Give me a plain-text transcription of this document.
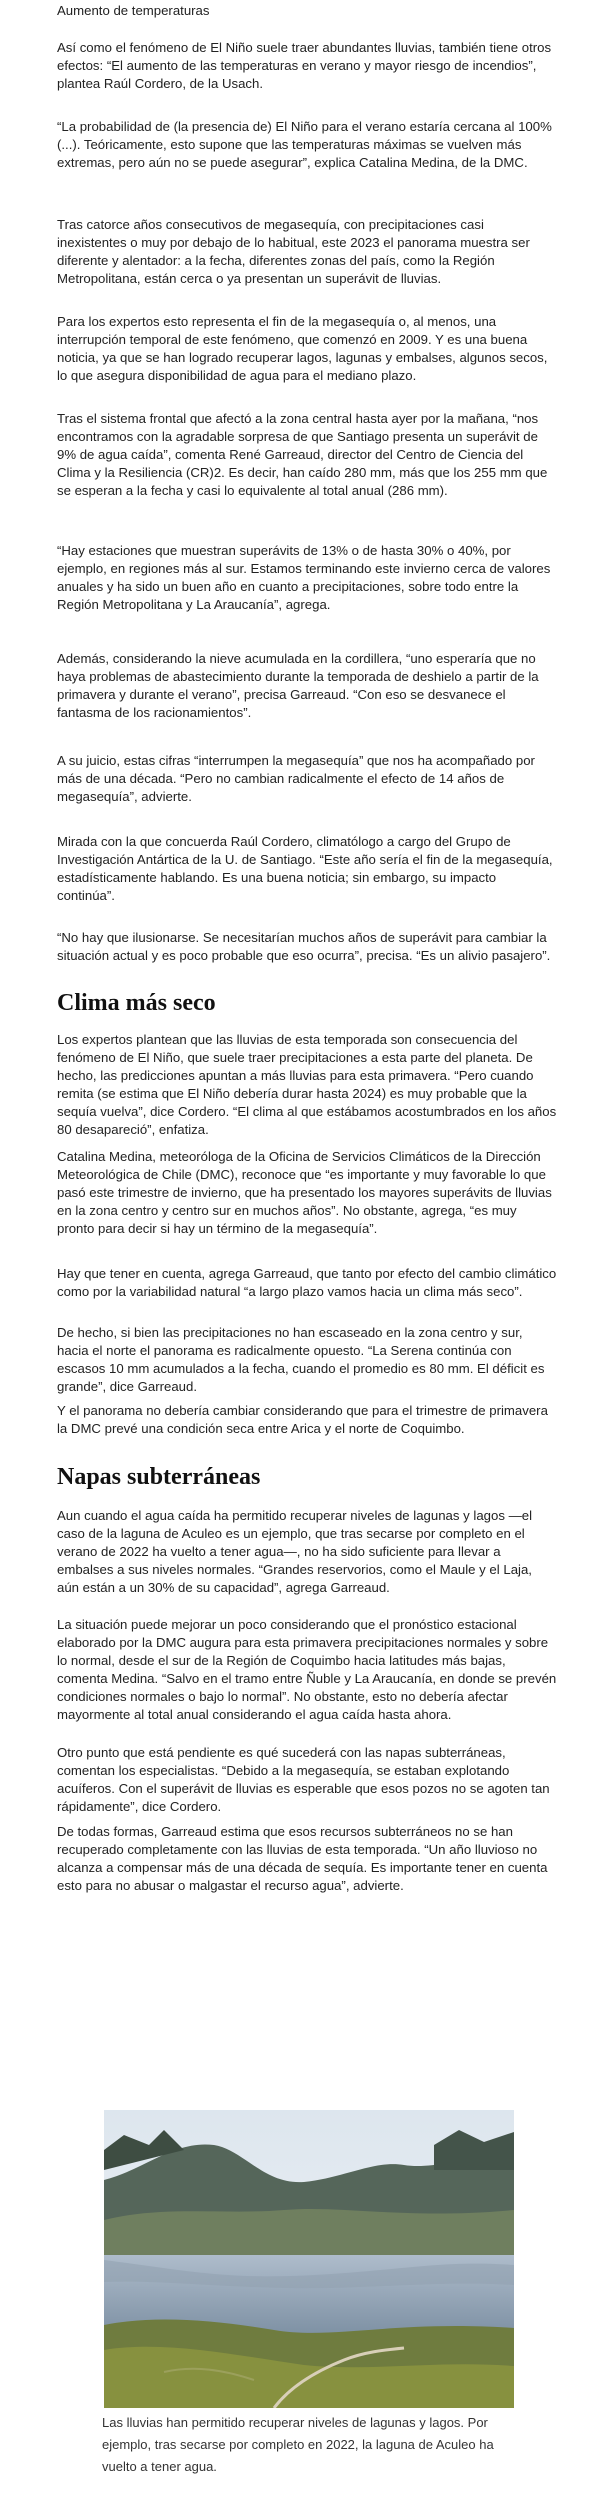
Aumento de temperaturas

Así como el fenómeno de El Niño suele traer abundantes lluvias, también tiene otros efectos: “El aumento de las temperaturas en verano y mayor riesgo de incendios”, plantea Raúl Cordero, de la Usach.

“La probabilidad de (la presencia de) El Niño para el verano estaría cercana al 100% (...). Teóricamente, esto supone que las temperaturas máximas se vuelven más extremas, pero aún no se puede asegurar”, explica Catalina Medina, de la DMC.

Tras catorce años consecutivos de megasequía, con precipitaciones casi inexistentes o muy por debajo de lo habitual, este 2023 el panorama muestra ser diferente y alentador: a la fecha, diferentes zonas del país, como la Región Metropolitana, están cerca o ya presentan un superávit de lluvias.

Para los expertos esto representa el fin de la megasequía o, al menos, una interrupción temporal de este fenómeno, que comenzó en 2009. Y es una buena noticia, ya que se han logrado recuperar lagos, lagunas y embalses, algunos secos, lo que asegura disponibilidad de agua para el mediano plazo.

Tras el sistema frontal que afectó a la zona central hasta ayer por la mañana, “nos encontramos con la agradable sorpresa de que Santiago presenta un superávit de 9% de agua caída”, comenta René Garreaud, director del Centro de Ciencia del Clima y la Resiliencia (CR)2. Es decir, han caído 280 mm, más que los 255 mm que se esperan a la fecha y casi lo equivalente al total anual (286 mm).

“Hay estaciones que muestran superávits de 13% o de hasta 30% o 40%, por ejemplo, en regiones más al sur. Estamos terminando este invierno cerca de valores anuales y ha sido un buen año en cuanto a precipitaciones, sobre todo entre la Región Metropolitana y La Araucanía”, agrega.

Además, considerando la nieve acumulada en la cordillera, “uno esperaría que no haya problemas de abastecimiento durante la temporada de deshielo a partir de la primavera y durante el verano”, precisa Garreaud. “Con eso se desvanece el fantasma de los racionamientos”.

A su juicio, estas cifras “interrumpen la megasequía” que nos ha acompañado por más de una década. “Pero no cambian radicalmente el efecto de 14 años de megasequía”, advierte.

Mirada con la que concuerda Raúl Cordero, climatólogo a cargo del Grupo de Investigación Antártica de la U. de Santiago. “Este año sería el fin de la megasequía, estadísticamente hablando. Es una buena noticia; sin embargo, su impacto continúa”.

“No hay que ilusionarse. Se necesitarían muchos años de superávit para cambiar la situación actual y es poco probable que eso ocurra”, precisa. “Es un alivio pasajero”.

Clima más seco

Los expertos plantean que las lluvias de esta temporada son consecuencia del fenómeno de El Niño, que suele traer precipitaciones a esta parte del planeta. De hecho, las predicciones apuntan a más lluvias para esta primavera. “Pero cuando remita (se estima que El Niño debería durar hasta 2024) es muy probable que la sequía vuelva”, dice Cordero. “El clima al que estábamos acostumbrados en los años 80 desapareció”, enfatiza.

Catalina Medina, meteoróloga de la Oficina de Servicios Climáticos de la Dirección Meteorológica de Chile (DMC), reconoce que “es importante y muy favorable lo que pasó este trimestre de invierno, que ha presentado los mayores superávits de lluvias en la zona centro y centro sur en muchos años”. No obstante, agrega, “es muy pronto para decir si hay un término de la megasequía”.

Hay que tener en cuenta, agrega Garreaud, que tanto por efecto del cambio climático como por la variabilidad natural “a largo plazo vamos hacia un clima más seco”.

De hecho, si bien las precipitaciones no han escaseado en la zona centro y sur, hacia el norte el panorama es radicalmente opuesto. “La Serena continúa con escasos 10 mm acumulados a la fecha, cuando el promedio es 80 mm. El déficit es grande”, dice Garreaud.

Y el panorama no debería cambiar considerando que para el trimestre de primavera la DMC prevé una condición seca entre Arica y el norte de Coquimbo.

Napas subterráneas

Aun cuando el agua caída ha permitido recuperar niveles de lagunas y lagos —el caso de la laguna de Aculeo es un ejemplo, que tras secarse por completo en el verano de 2022 ha vuelto a tener agua—, no ha sido suficiente para llevar a embalses a sus niveles normales. “Grandes reservorios, como el Maule y el Laja, aún están a un 30% de su capacidad”, agrega Garreaud.

La situación puede mejorar un poco considerando que el pronóstico estacional elaborado por la DMC augura para esta primavera precipitaciones normales y sobre lo normal, desde el sur de la Región de Coquimbo hacia latitudes más bajas, comenta Medina. “Salvo en el tramo entre Ñuble y La Araucanía, en donde se prevén condiciones normales o bajo lo normal”. No obstante, esto no debería afectar mayormente al total anual considerando el agua caída hasta ahora.

Otro punto que está pendiente es qué sucederá con las napas subterráneas, comentan los especialistas. “Debido a la megasequía, se estaban explotando acuíferos. Con el superávit de lluvias es esperable que esos pozos no se agoten tan rápidamente”, dice Cordero.

De todas formas, Garreaud estima que esos recursos subterráneos no se han recuperado completamente con las lluvias de esta temporada. “Un año lluvioso no alcanza a compensar más de una década de sequía. Es importante tener en cuenta esto para no abusar o malgastar el recurso agua”, advierte.

Las lluvias han permitido recuperar niveles de lagunas y lagos. Por ejemplo, tras secarse por completo en 2022, la laguna de Aculeo ha vuelto a tener agua.
